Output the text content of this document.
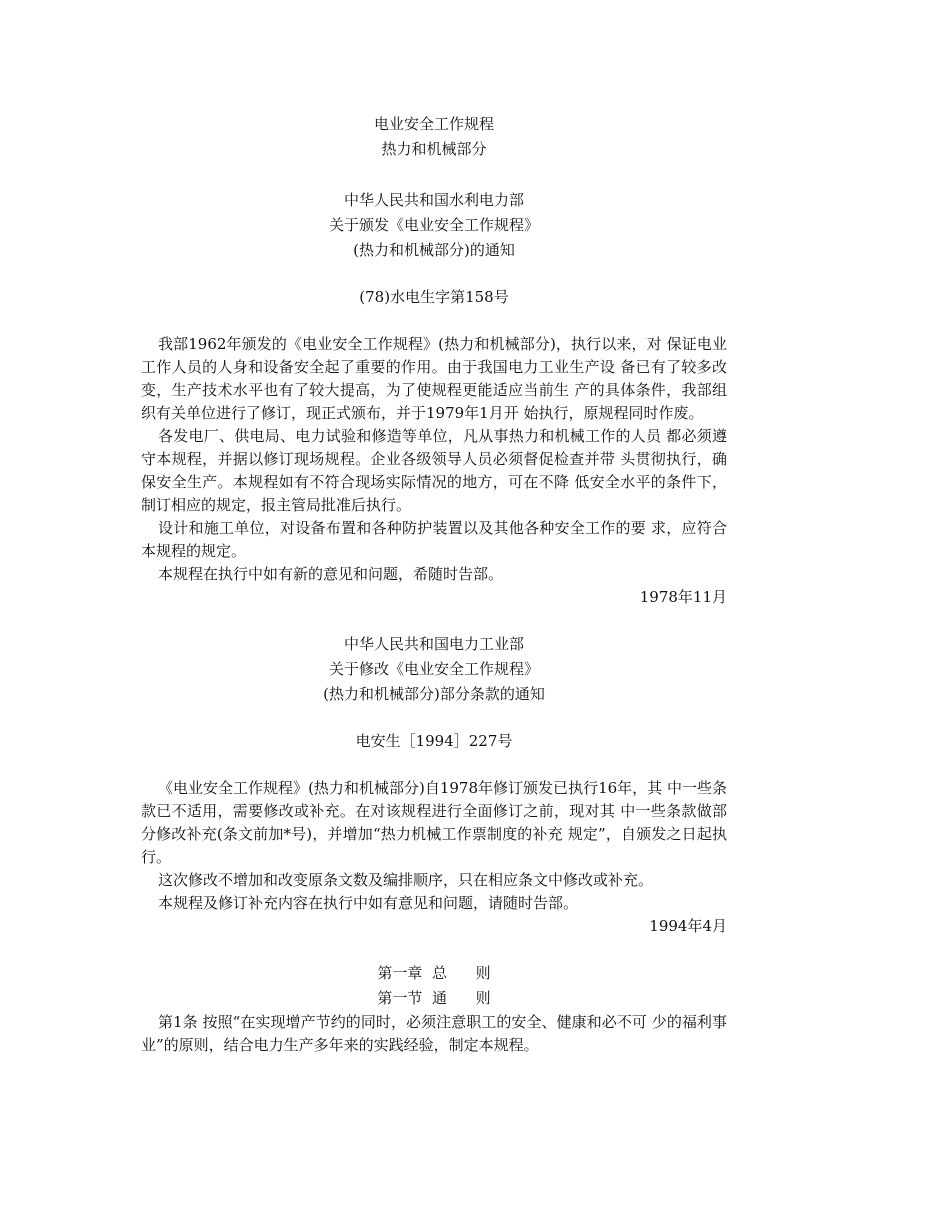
电业安全工作规程
热力和机械部分
中华人民共和国水利电力部
关于颁发《电业安全工作规程》
(热力和机械部分)的通知
(78)水电生字第158号

我部1962年颁发的《电业安全工作规程》(热力和机械部分)，执行以来，对 保证电业工作人员的人身和设备安全起了重要的作用。由于我国电力工业生产设 备已有了较多改变，生产技术水平也有了较大提高，为了使规程更能适应当前生 产的具体条件，我部组织有关单位进行了修订，现正式颁布，并于1979年1月开 始执行，原规程同时作废。

各发电厂、供电局、电力试验和修造等单位，凡从事热力和机械工作的人员 都必须遵守本规程，并据以修订现场规程。企业各级领导人员必须督促检查并带 头贯彻执行，确保安全生产。本规程如有不符合现场实际情况的地方，可在不降 低安全水平的条件下，制订相应的规定，报主管局批准后执行。

设计和施工单位，对设备布置和各种防护装置以及其他各种安全工作的要 求，应符合本规程的规定。

本规程在执行中如有新的意见和问题，希随时告部。

1978年11月
中华人民共和国电力工业部
关于修改《电业安全工作规程》
(热力和机械部分)部分条款的通知
电安生［1994］227号

《电业安全工作规程》(热力和机械部分)自1978年修订颁发已执行16年，其 中一些条款已不适用，需要修改或补充。在对该规程进行全面修订之前，现对其 中一些条款做部分修改补充(条文前加*号)，并增加“热力机械工作票制度的补充 规定”，自颁发之日起执行。

这次修改不增加和改变原条文数及编排顺序，只在相应条文中修改或补充。

本规程及修订补充内容在执行中如有意见和问题，请随时告部。

1994年4月
第一章  总      则
第一节  通      则

第1条 按照“在实现增产节约的同时，必须注意职工的安全、健康和必不可 少的福利事业”的原则，结合电力生产多年来的实践经验，制定本规程。
